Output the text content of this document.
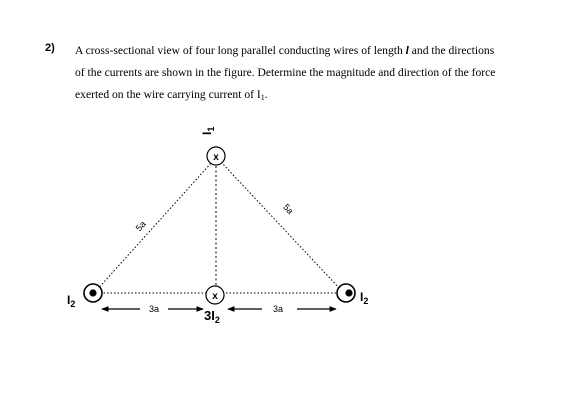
2) A cross-sectional view of four long parallel conducting wires of length l and the directions

of the currents are shown in the figure. Determine the magnitude and direction of the force

exerted on the wire carrying current of $I_1$.

5a
5a
3a	3a
x
$I_1$
x
$3I_2$
$I_2$	$I_2$
